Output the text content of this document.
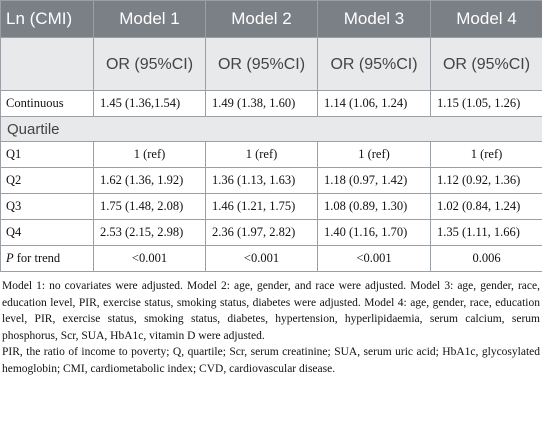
Ln (CMI)	Model 1	Model 2	Model 3	Model 4
	OR (95%CI)	OR (95%CI)	OR (95%CI)	OR (95%CI)
Continuous	1.45 (1.36,1.54)	1.49 (1.38, 1.60)	1.14 (1.06, 1.24)	1.15 (1.05, 1.26)
Quartile				
Q1	1 (ref)	1 (ref)	1 (ref)	1 (ref)
Q2	1.62 (1.36, 1.92)	1.36 (1.13, 1.63)	1.18 (0.97, 1.42)	1.12 (0.92, 1.36)
Q3	1.75 (1.48, 2.08)	1.46 (1.21, 1.75)	1.08 (0.89, 1.30)	1.02 (0.84, 1.24)
Q4	2.53 (2.15, 2.98)	2.36 (1.97, 2.82)	1.40 (1.16, 1.70)	1.35 (1.11, 1.66)
P for trend	<0.001	<0.001	<0.001	0.006

Model 1: no covariates were adjusted. Model 2: age, gender, and race were adjusted. Model 3: age, gender, race, education level, PIR, exercise status, smoking status, diabetes were adjusted. Model 4: age, gender, race, education level, PIR, exercise status, smoking status, diabetes, hypertension, hyperlipidaemia, serum calcium, serum phosphorus, Scr, SUA, HbA1c, vitamin D were adjusted.

PIR, the ratio of income to poverty; Q, quartile; Scr, serum creatinine; SUA, serum uric acid; HbA1c, glycosylated hemoglobin; CMI, cardiometabolic index; CVD, cardiovascular disease.
